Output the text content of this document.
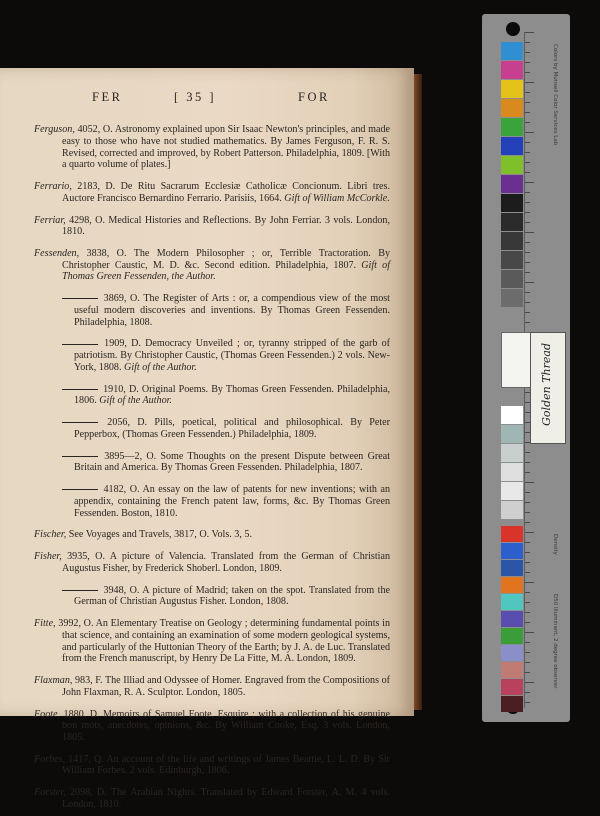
FER	[ 35 ]	FOR

Ferguson, 4052, O. Astronomy explained upon Sir Isaac Newton's principles, and made easy to those who have not studied mathematics. By James Ferguson, F. R. S. Revised, corrected and improved, by Robert Patterson. Philadelphia, 1809. [With a quarto volume of plates.]

Ferrario, 2183, D. De Ritu Sacrarum Ecclesiæ Catholicæ Concionum. Libri tres. Auctore Francisco Bernardino Ferrario. Parisiis, 1664. Gift of William McCorkle.

Ferriar, 4298, O. Medical Histories and Reflections. By John Ferriar. 3 vols. London, 1810.

Fessenden, 3838, O. The Modern Philosopher ; or, Terrible Tractoration. By Christopher Caustic, M. D. &c. Second edition. Philadelphia, 1807. Gift of Thomas Green Fessenden, the Author.

3869, O. The Register of Arts : or, a compendious view of the most useful modern discoveries and inventions. By Thomas Green Fessenden. Philadelphia, 1808.

1909, D. Democracy Unveiled ; or, tyranny stripped of the garb of patriotism. By Christopher Caustic, (Thomas Green Fessenden.) 2 vols. New-York, 1808. Gift of the Author.

1910, D. Original Poems. By Thomas Green Fessenden. Philadelphia, 1806. Gift of the Author.

2056, D. Pills, poetical, political and philosophical. By Peter Pepperbox, (Thomas Green Fessenden.) Philadelphia, 1809.

3895—2, O. Some Thoughts on the present Dispute between Great Britain and America. By Thomas Green Fessenden. Philadelphia, 1807.

4182, O. An essay on the law of patents for new inventions; with an appendix, containing the French patent law, forms, &c. By Thomas Green Fessenden. Boston, 1810.

Fischer, See Voyages and Travels, 3817, O. Vols. 3, 5.

Fisher, 3935, O. A picture of Valencia. Translated from the German of Christian Augustus Fisher, by Frederick Shoberl. London, 1809.

3948, O. A picture of Madrid; taken on the spot. Translated from the German of Christian Augustus Fisher. London, 1808.

Fitte, 3992, O. An Elementary Treatise on Geology ; determining fundamental points in that science, and containing an examination of some modern geological systems, and particularly of the Huttonian Theory of the Earth; by J. A. de Luc. Translated from the French manuscript, by Henry De La Fitte, M. A. London, 1809.

Flaxman, 983, F. The Illiad and Odyssee of Homer. Engraved from the Compositions of John Flaxman, R. A. Sculptor. London, 1805.

Foote, 1880, D. Memoirs of Samuel Foote, Esquire ; with a collection of his genuine bon mots, anecdotes, opinions, &c. By William Cooke, Esq. 3 vols. London, 1805.

Forbes, 1417, Q. An account of the life and writings of James Beattie, L. L. D. By Sir William Forbes. 2 vols. Edinburgh, 1806.

Forster, 2098, D. The Arabian Nights. Translated by Edward Forster, A. M. 4 vols. London, 1810.

Golden Thread
Colors by Munsell Color Services Lab
Density
D50 Illuminant, 2 degree observer
